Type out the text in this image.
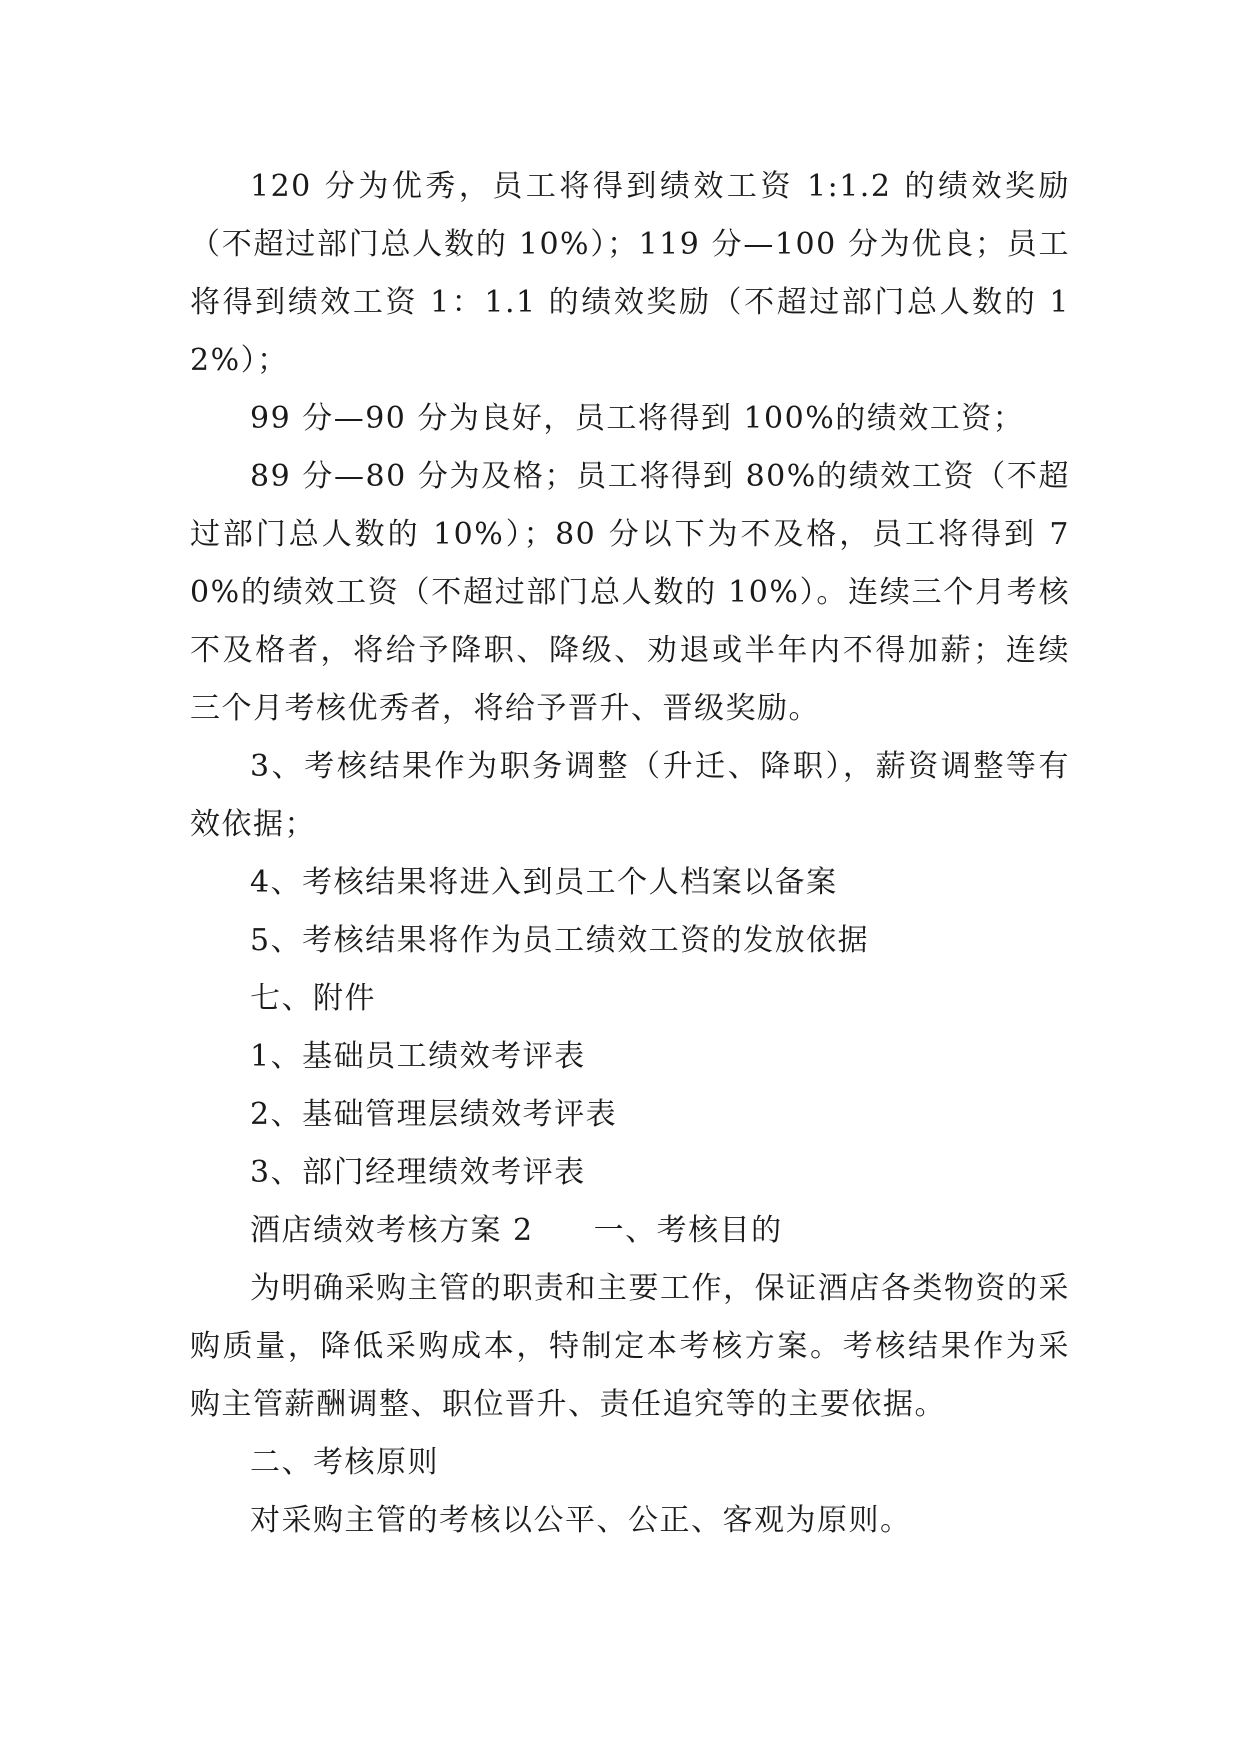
120 分为优秀，员工将得到绩效工资 1:1.2 的绩效奖励（不超过部门总人数的 10%）；119 分—100 分为优良；员工将得到绩效工资 1：1.1 的绩效奖励（不超过部门总人数的 12%）；

99 分—90 分为良好，员工将得到 100%的绩效工资；

89 分—80 分为及格；员工将得到 80%的绩效工资（不超过部门总人数的 10%）；80 分以下为不及格，员工将得到 70%的绩效工资（不超过部门总人数的 10%）。连续三个月考核不及格者，将给予降职、降级、劝退或半年内不得加薪；连续三个月考核优秀者，将给予晋升、晋级奖励。

3、考核结果作为职务调整（升迁、降职），薪资调整等有效依据；

4、考核结果将进入到员工个人档案以备案

5、考核结果将作为员工绩效工资的发放依据

七、附件

1、基础员工绩效考评表

2、基础管理层绩效考评表

3、部门经理绩效考评表

酒店绩效考核方案 2 一、考核目的

为明确采购主管的职责和主要工作，保证酒店各类物资的采购质量，降低采购成本，特制定本考核方案。考核结果作为采购主管薪酬调整、职位晋升、责任追究等的主要依据。

二、考核原则

对采购主管的考核以公平、公正、客观为原则。
